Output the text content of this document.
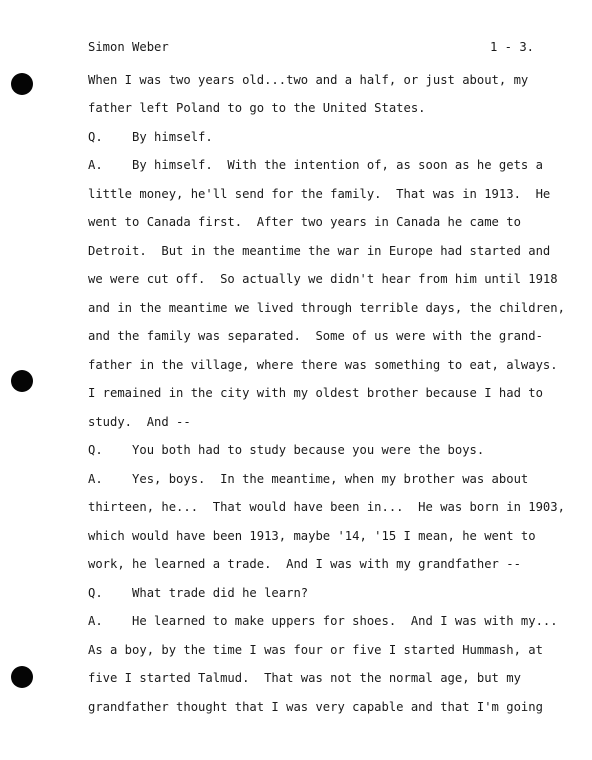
Simon Weber	1 - 3.
When I was two years old...two and a half, or just about, my
father left Poland to go to the United States.
Q.    By himself.
A.    By himself.  With the intention of, as soon as he gets a
little money, he'll send for the family.  That was in 1913.  He
went to Canada first.  After two years in Canada he came to
Detroit.  But in the meantime the war in Europe had started and
we were cut off.  So actually we didn't hear from him until 1918
and in the meantime we lived through terrible days, the children,
and the family was separated.  Some of us were with the grand-
father in the village, where there was something to eat, always.
I remained in the city with my oldest brother because I had to
study.  And --
Q.    You both had to study because you were the boys.
A.    Yes, boys.  In the meantime, when my brother was about
thirteen, he...  That would have been in...  He was born in 1903,
which would have been 1913, maybe '14, '15 I mean, he went to
work, he learned a trade.  And I was with my grandfather --
Q.    What trade did he learn?
A.    He learned to make uppers for shoes.  And I was with my...
As a boy, by the time I was four or five I started Hummash, at
five I started Talmud.  That was not the normal age, but my
grandfather thought that I was very capable and that I'm going
